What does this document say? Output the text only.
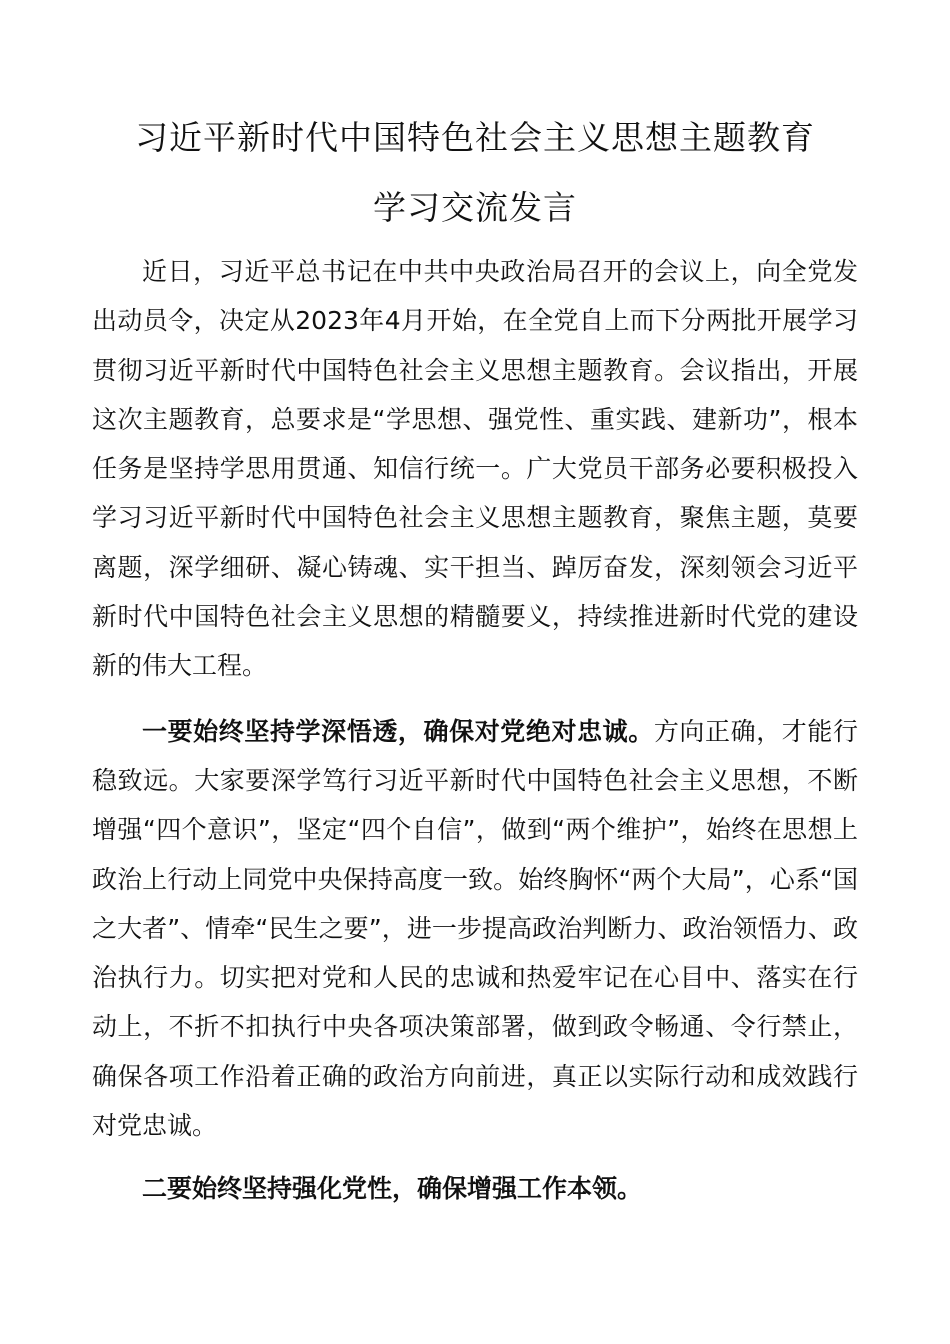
习近平新时代中国特色社会主义思想主题教育
学习交流发言

近日，习近平总书记在中共中央政治局召开的会议上，向全党发出动员令，决定从2023年4月开始，在全党自上而下分两批开展学习贯彻习近平新时代中国特色社会主义思想主题教育。会议指出，开展这次主题教育，总要求是“学思想、强党性、重实践、建新功”，根本任务是坚持学思用贯通、知信行统一。广大党员干部务必要积极投入学习习近平新时代中国特色社会主义思想主题教育，聚焦主题，莫要离题，深学细研、凝心铸魂、实干担当、踔厉奋发，深刻领会习近平新时代中国特色社会主义思想的精髓要义，持续推进新时代党的建设新的伟大工程。

一要始终坚持学深悟透，确保对党绝对忠诚。方向正确，才能行稳致远。大家要深学笃行习近平新时代中国特色社会主义思想，不断增强“四个意识”，坚定“四个自信”，做到“两个维护”，始终在思想上政治上行动上同党中央保持高度一致。始终胸怀“两个大局”，心系“国之大者”、情牵“民生之要”，进一步提高政治判断力、政治领悟力、政治执行力。切实把对党和人民的忠诚和热爱牢记在心目中、落实在行动上，不折不扣执行中央各项决策部署，做到政令畅通、令行禁止，确保各项工作沿着正确的政治方向前进，真正以实际行动和成效践行对党忠诚。

二要始终坚持强化党性，确保增强工作本领。
